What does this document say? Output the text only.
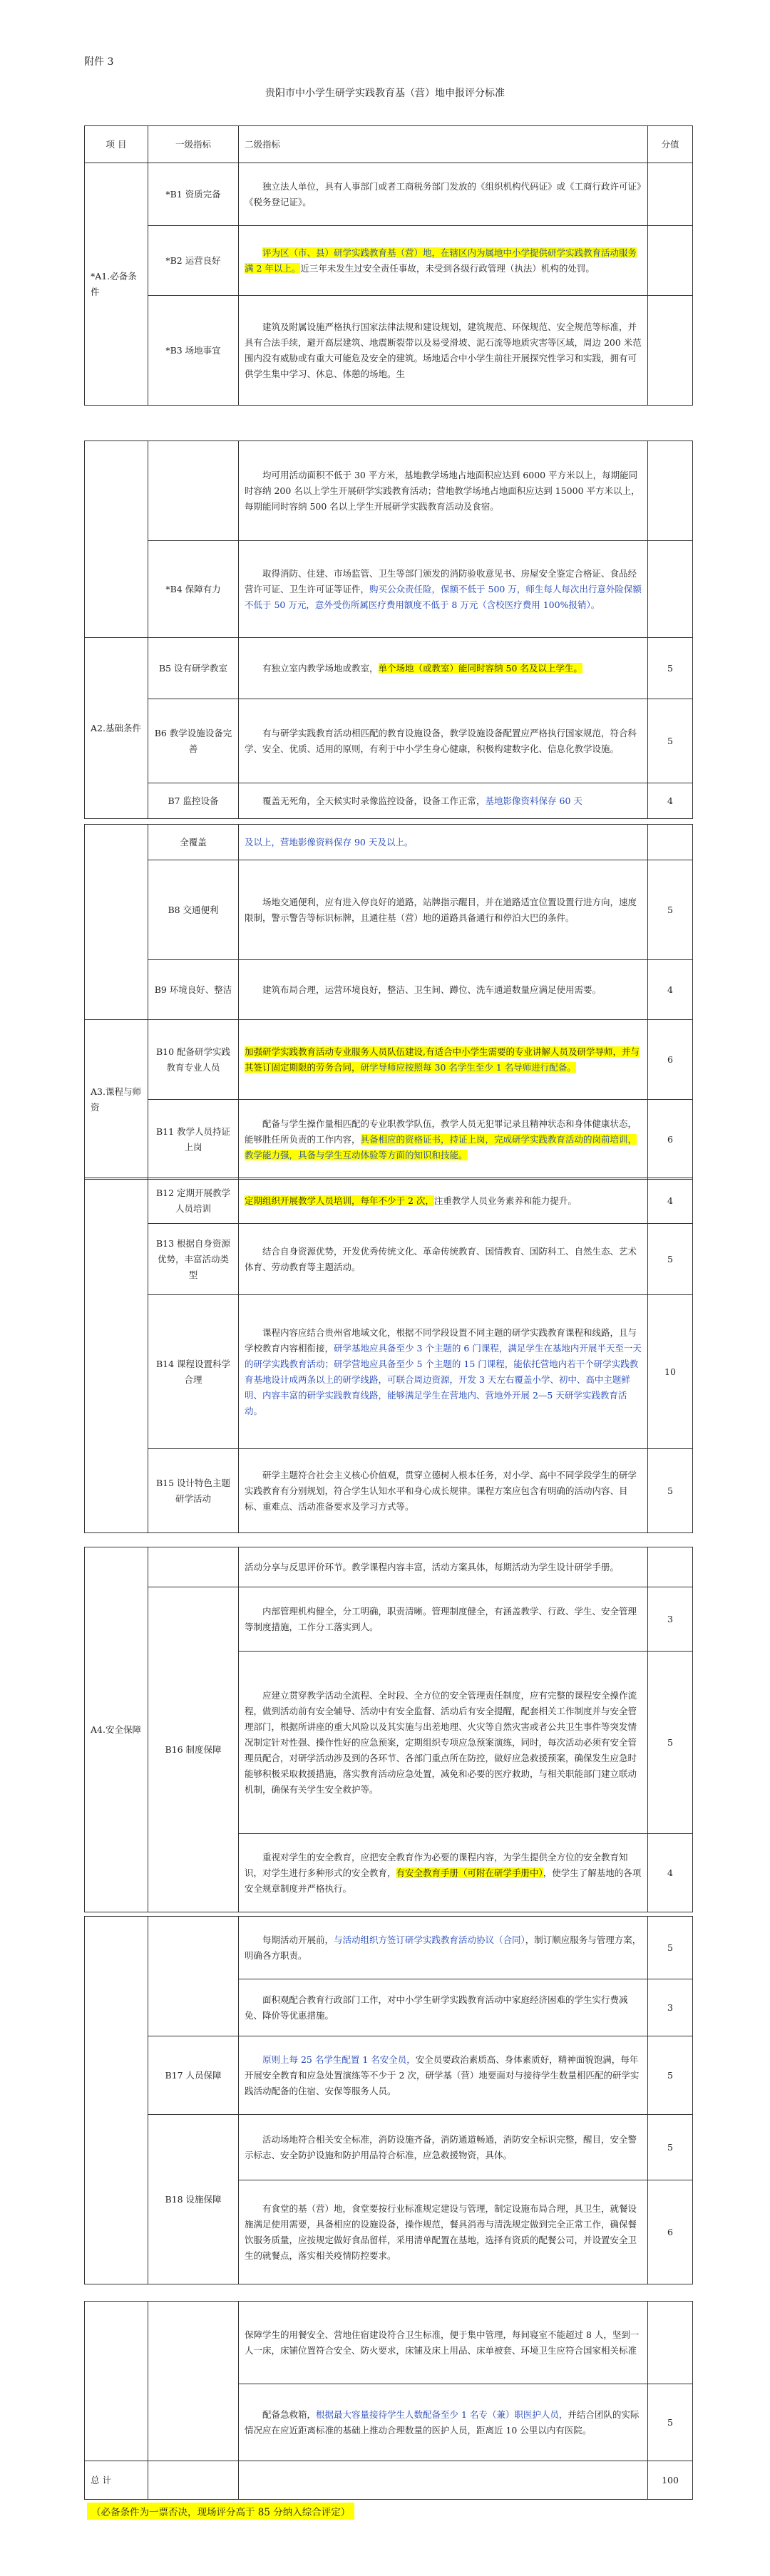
附件 3
贵阳市中小学生研学实践教育基（营）地申报评分标准
项 目	一级指标	二级指标	分值
*A1.必备条件	*B1 资质完备	独立法人单位，具有人事部门或者工商税务部门发放的《组织机构代码证》或《工商行政许可证》《税务登记证》。	
	*B2 运营良好	评为区（市、县）研学实践教育基（营）地，在辖区内为属地中小学提供研学实践教育活动服务满 2 年以上。近三年未发生过安全责任事故，未受到各级行政管理（执法）机构的处罚。	
	*B3 场地事宜	建筑及附属设施严格执行国家法律法规和建设规划，建筑规范、环保规范、安全规范等标准，并具有合法手续，避开高层建筑、地震断裂带以及易受滑坡、泥石流等地质灾害等区域，周边 200 米范围内没有威胁或有重大可能危及安全的建筑。场地适合中小学生前往开展探究性学习和实践，拥有可供学生集中学习、休息、体憩的场地。生	
		均可用活动面积不低于 30 平方米，基地教学场地占地面积应达到 6000 平方米以上，每期能同时容纳 200 名以上学生开展研学实践教育活动；营地教学场地占地面积应达到 15000 平方米以上，每期能同时容纳 500 名以上学生开展研学实践教育活动及食宿。	
	*B4 保障有力	取得消防、住建、市场监管、卫生等部门颁发的消防验收意见书、房屋安全鉴定合格证、食品经营许可证、卫生许可证等证件，购买公众责任险，保额不低于 500 万，师生每人每次出行意外险保额不低于 50 万元，意外受伤所属医疗费用额度不低于 8 万元（含校医疗费用 100%报销）。	
A2.基础条件	B5 设有研学教室	有独立室内教学场地或教室，单个场地（或教室）能同时容纳 50 名及以上学生。	5
	B6 教学设施设备完善	有与研学实践教育活动相匹配的教育设施设备，教学设施设备配置应严格执行国家规范，符合科学、安全、优质、适用的原则，有利于中小学生身心健康，积极构建数字化、信息化教学设施。	5
	B7 监控设备	覆盖无死角，全天候实时录像监控设备，设备工作正常，基地影像资料保存 60 天	4
	全覆盖	及以上，营地影像资料保存 90 天及以上。	
	B8 交通便利	场地交通便利，应有进入停良好的道路，站牌指示醒目，并在道路适宜位置设置行进方向，速度限制，警示警告等标识标牌，且通往基（营）地的道路具备通行和停泊大巴的条件。	5
	B9 环境良好、整洁	建筑布局合理，运营环境良好，整洁、卫生间、蹲位、洗车通道数量应满足使用需要。	4
A3.课程与师资	B10 配备研学实践教育专业人员	加强研学实践教育活动专业服务人员队伍建设,有适合中小学生需要的专业讲解人员及研学导师，并与其签订固定期限的劳务合同，研学导师应按照每 30 名学生至少 1 名导师进行配备。	6
	B11 教学人员持证上岗	配备与学生操作量相匹配的专业职教学队伍，教学人员无犯罪记录且精神状态和身体健康状态，能够胜任所负责的工作内容，具备相应的资格证书，持证上岗，完成研学实践教育活动的岗前培训，教学能力强，具备与学生互动体验等方面的知识和技能。	6
	B12 定期开展教学人员培训	定期组织开展教学人员培训，每年不少于 2 次，注重教学人员业务素养和能力提升。	4
	B13 根据自身资源优势，丰富活动类型	结合自身资源优势，开发优秀传统文化、革命传统教育、国情教育、国防科工、自然生态、艺术体育、劳动教育等主题活动。	5
	B14 课程设置科学合理	课程内容应结合贵州省地域文化，根据不同学段设置不同主题的研学实践教育课程和线路，且与学校教育内容相衔接，研学基地应具备至少 3 个主题的 6 门课程，满足学生在基地内开展半天至一天的研学实践教育活动；研学营地应具备至少 5 个主题的 15 门课程，能依托营地内若干个研学实践教育基地设计成两条以上的研学线路，可联合周边资源，开发 3 天左右覆盖小学、初中、高中主题鲜明、内容丰富的研学实践教育线路，能够满足学生在营地内、营地外开展 2—5 天研学实践教育活动。	10
	B15 设计特色主题研学活动	研学主题符合社会主义核心价值观，贯穿立德树人根本任务，对小学、高中不同学段学生的研学实践教育有分别规划，符合学生认知水平和身心成长规律。课程方案应包含有明确的活动内容、目标、重难点、活动准备要求及学习方式等。	5
A4.安全保障		活动分享与反思评价环节。教学课程内容丰富，活动方案具体，每期活动为学生设计研学手册。	
	B16 制度保障	内部管理机构健全，分工明确，职责清晰。管理制度健全，有涵盖教学、行政、学生、安全管理等制度措施，工作分工落实到人。	3
		应建立贯穿教学活动全流程、全时段、全方位的安全管理责任制度，应有完整的课程安全操作流程，做到活动前有安全辅导、活动中有安全监督、活动后有安全提醒，配套相关工作制度并与安全管理部门，根据所讲座的重大风险以及其实施与出差地理、火灾等自然灾害或者公共卫生事件等突发情况制定针对性强、操作性好的应急预案，定期组织专项应急预案演练，同时，每次活动必须有安全管理员配合，对研学活动涉及到的各环节、各部门重点所在防控，做好应急救援预案，确保发生应急时能够积极采取救援措施，落实教育活动应急处置，减免和必要的医疗救助，与相关职能部门建立联动机制，确保有关学生安全救护等。	5
		重视对学生的安全教育，应把安全教育作为必要的课程内容，为学生提供全方位的安全教育知识，对学生进行多种形式的安全教育，有安全教育手册（可附在研学手册中），使学生了解基地的各项安全规章制度并严格执行。	4
		每期活动开展前，与活动组织方签订研学实践教育活动协议（合同），制订顺应服务与管理方案，明确各方职责。	5
		面积观配合教育行政部门工作，对中小学生研学实践教育活动中家庭经济困难的学生实行费减免、降价等优惠措施。	3
	B17 人员保障	原则上每 25 名学生配置 1 名安全员，安全员要政治素质高、身体素质好，精神面貌饱满，每年开展安全教育和应急处置演练等不少于 2 次，研学基（营）地要面对与接待学生数量相匹配的研学实践活动配备的住宿、安保等服务人员。	5
	B18 设施保障	活动场地符合相关安全标准，消防设施齐备，消防通道畅通，消防安全标识完整，醒目，安全警示标志、安全防护设施和防护用品符合标准，应急救援物资，具体。	5
		有食堂的基（营）地，食堂要按行业标准规定建设与管理，制定设施布局合理，具卫生，就餐设施满足使用需要，具备相应的设施设备，操作规范，餐具消毒与清洗规定做到完全正常工作，确保餐饮服务质量，应按规定做好食品留样，采用清单配置在基地，选择有资质的配餐公司，并设置安全卫生的就餐点，落实相关疫情防控要求。	6
		保障学生的用餐安全、营地住宿建设符合卫生标准，便于集中管理，每间寝室不能超过 8 人，坚到一人一床，床铺位置符合安全、防火要求，床铺及床上用品、床单被套、环境卫生应符合国家相关标准	
		配备急救箱，根据最大容量接待学生人数配备至少 1 名专（兼）职医护人员，并结合团队的实际情况应在应近距离标准的基础上推动合理数量的医护人员，距离近 10 公里以内有医院。	5
总 计			100
（必备条件为一票否决，现场评分高于 85 分纳入综合评定）
